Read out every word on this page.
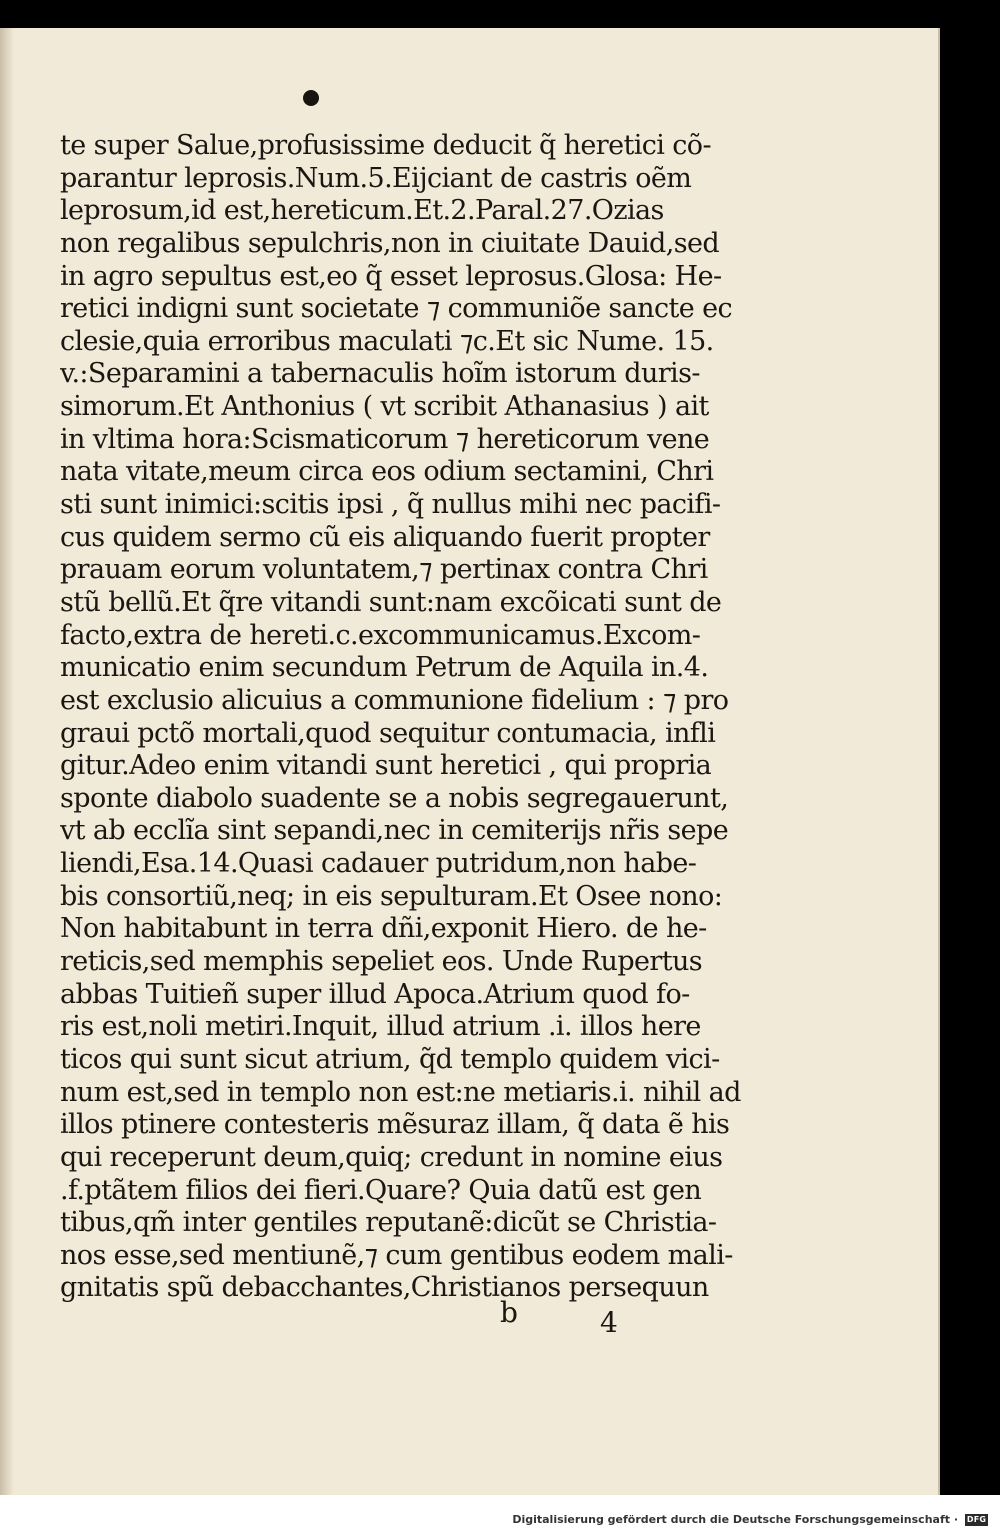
te super Salue,profusissime deducit q̃ heretici cõ-
parantur leprosis.Num.5.Eijciant de castris oẽm
leprosum,id est,hereticum.Et.2.Paral.27.Ozias
non regalibus sepulchris,non in ciuitate Dauid,sed
in agro sepultus est,eo q̃ esset leprosus.Glosa: He-
retici indigni sunt societate ⁊ communiõe sancte ec
clesie,quia erroribus maculati ⁊c.Et sic Nume. 15.
v.:Separamini a tabernaculis hoĩm istorum duris-
simorum.Et Anthonius ( vt scribit Athanasius ) ait
in vltima hora:Scismaticorum ⁊ hereticorum vene
nata vitate,meum circa eos odium sectamini, Chri
sti sunt inimici:scitis ipsi , q̃ nullus mihi nec pacifi-
cus quidem sermo cũ eis aliquando fuerit propter
prauam eorum voluntatem,⁊ pertinax contra Chri
stũ bellũ.Et q̃re vitandi sunt:nam excõicati sunt de
facto,extra de hereti.c.excommunicamus.Excom-
municatio enim secundum Petrum de Aquila in.4.
est exclusio alicuius a communione fidelium : ⁊ pro
graui pctõ mortali,quod sequitur contumacia, infli
gitur.Adeo enim vitandi sunt heretici , qui propria
sponte diabolo suadente se a nobis segregauerunt,
vt ab ecclĩa sint sepandi,nec in cemiterijs nr̃is sepe
liendi,Esa.14.Quasi cadauer putridum,non habe-
bis consortiũ,neq; in eis sepulturam.Et Osee nono:
Non habitabunt in terra dñi,exponit Hiero. de he-
reticis,sed memphis sepeliet eos. Unde Rupertus
abbas Tuitieñ super illud Apoca.Atrium quod fo-
ris est,noli metiri.Inquit, illud atrium .i. illos here
ticos qui sunt sicut atrium, q̃d templo quidem vici-
num est,sed in templo non est:ne metiaris.i. nihil ad
illos ptinere contesteris mẽsuraz illam, q̃ data ẽ his
qui receperunt deum,quiq; credunt in nomine eius
.f.ptãtem filios dei fieri.Quare? Quia datũ est gen
tibus,qm̃ inter gentiles reputanẽ:dicũt se Christia-
nos esse,sed mentiunẽ,⁊ cum gentibus eodem mali-
gnitatis spũ debacchantes,Christianos persequun
b	4
Digitalisierung gefördert durch die Deutsche Forschungsgemeinschaft · DFG
